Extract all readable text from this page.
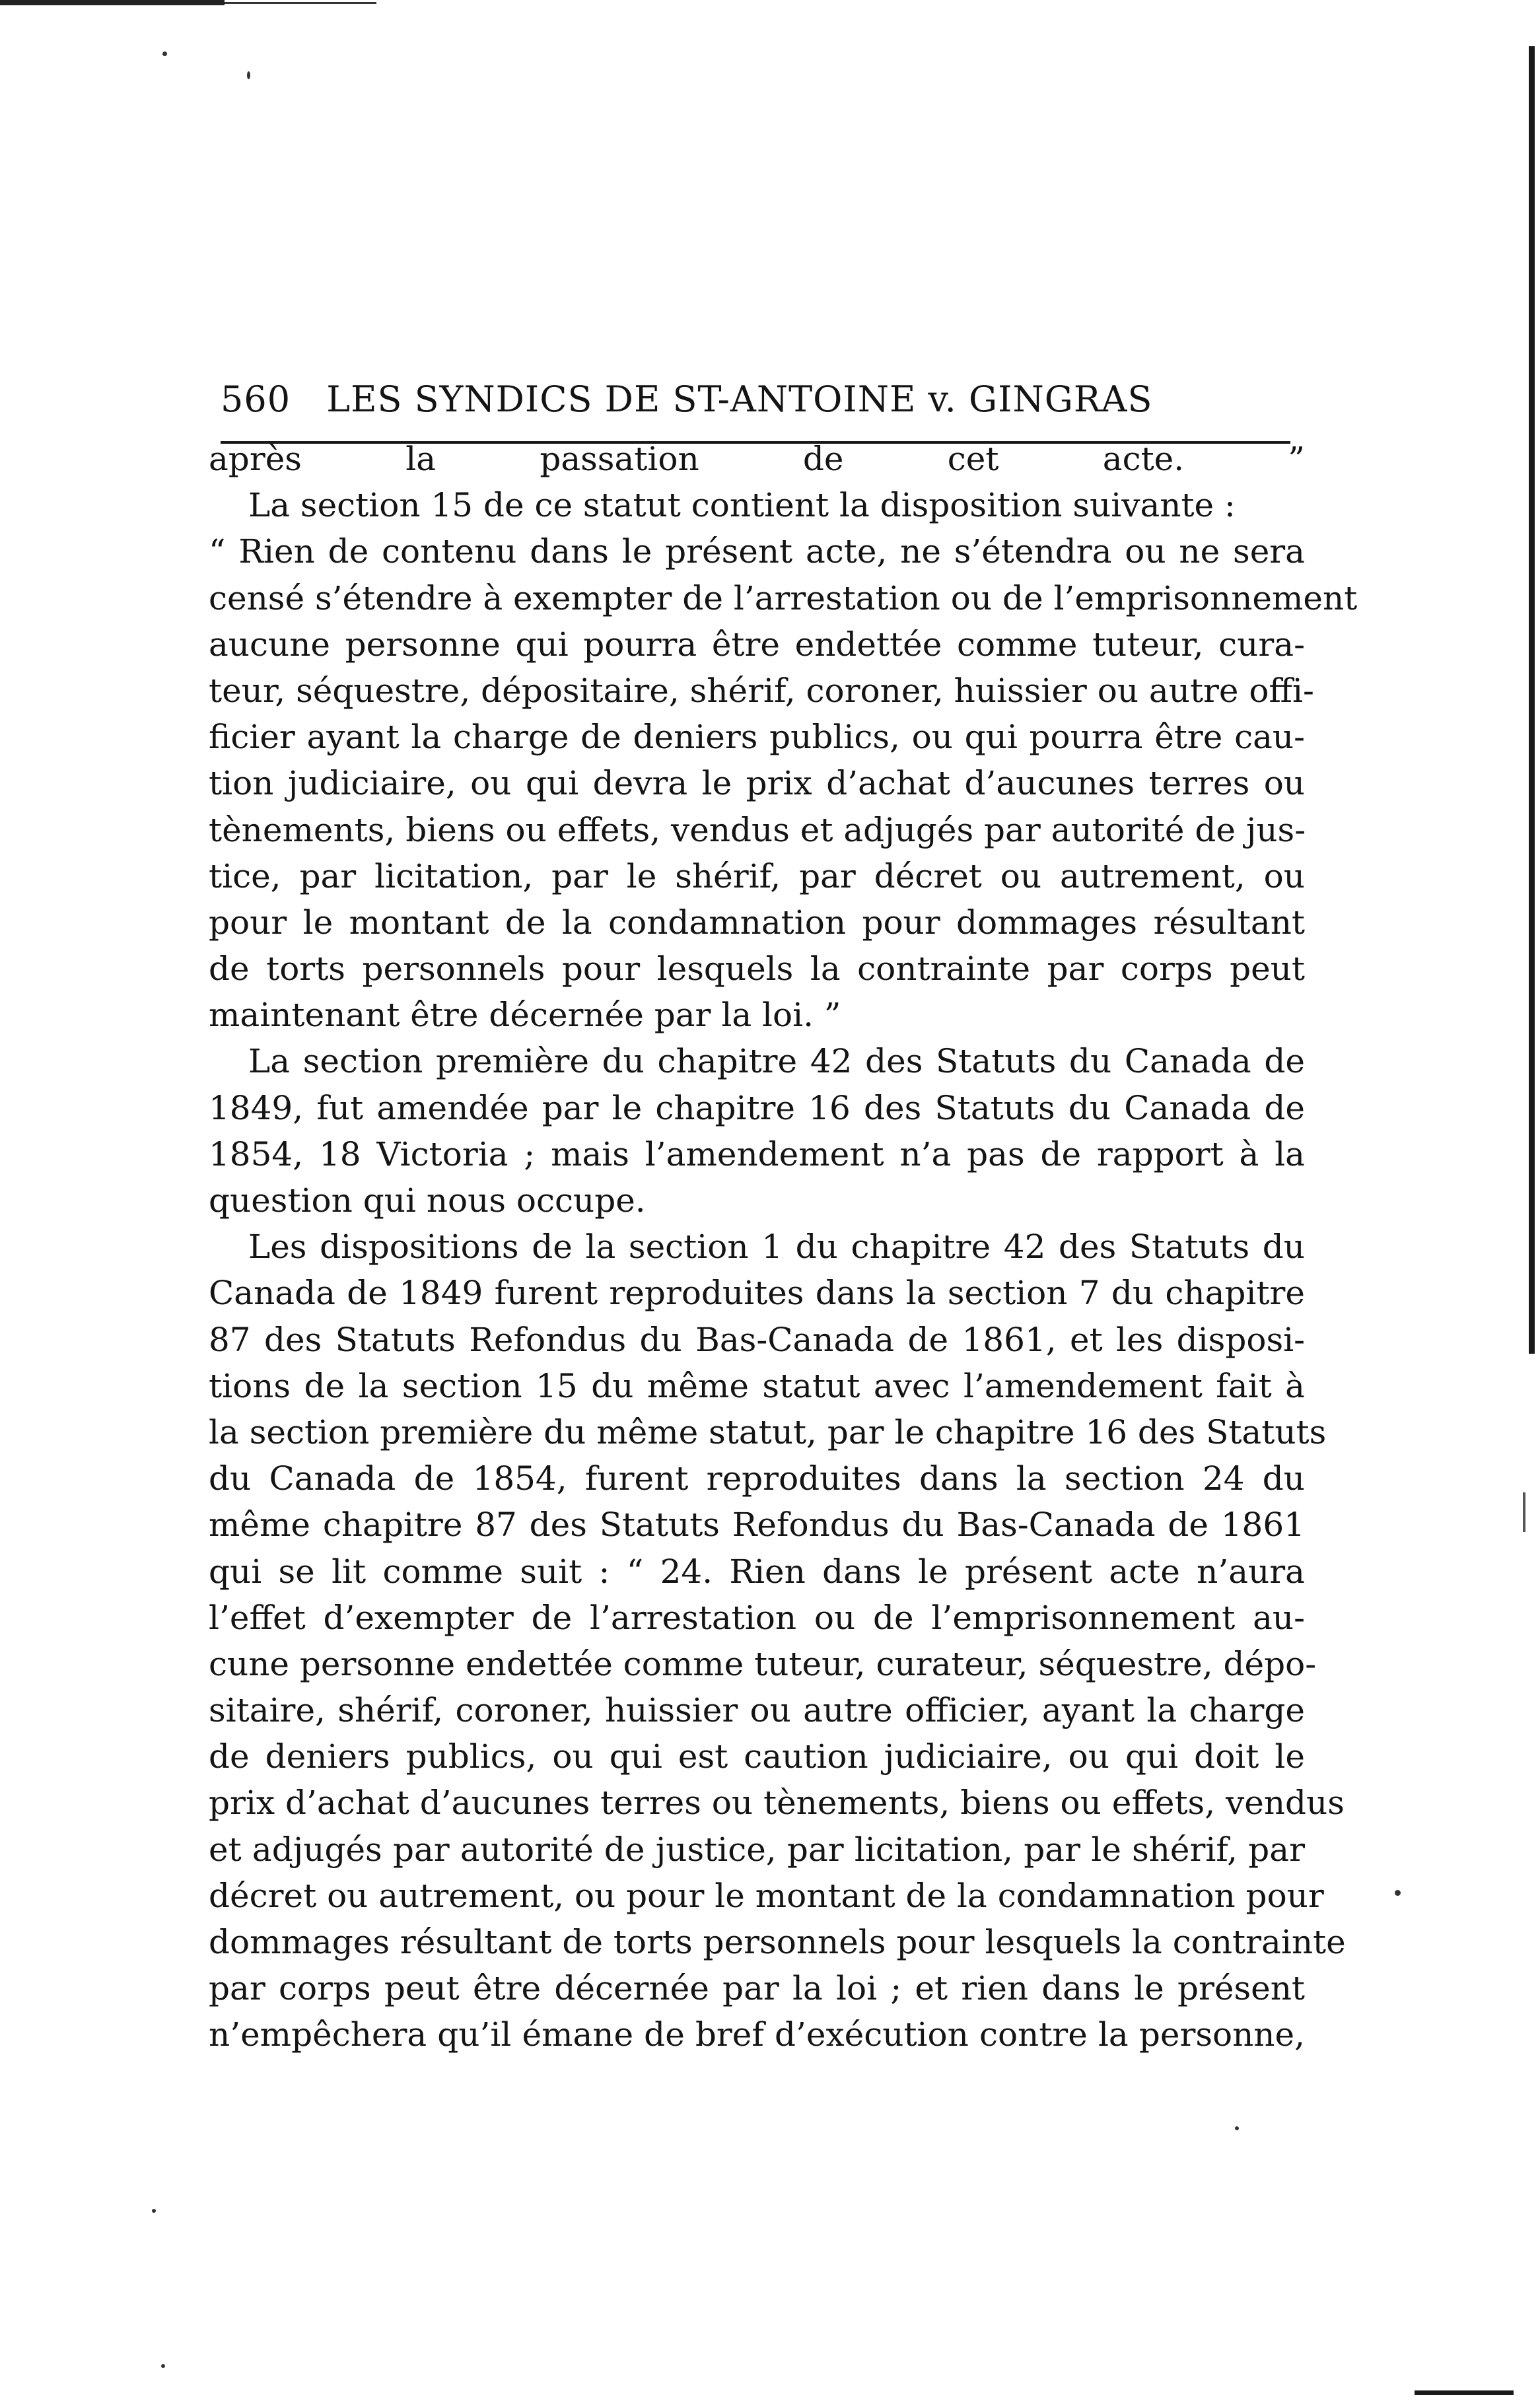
560 LES SYNDICS DE ST-ANTOINE v. GINGRAS
après la passation de cet acte. ”
La section 15 de ce statut contient la disposition suivante :
“ Rien de contenu dans le présent acte, ne s’étendra ou ne sera
censé s’étendre à exempter de l’arrestation ou de l’emprisonnement
aucune personne qui pourra être endettée comme tuteur, cura-
teur, séquestre, dépositaire, shérif, coroner, huissier ou autre offi-
ficier ayant la charge de deniers publics, ou qui pourra être cau-
tion judiciaire, ou qui devra le prix d’achat d’aucunes terres ou
tènements, biens ou effets, vendus et adjugés par autorité de jus-
tice, par licitation, par le shérif, par décret ou autrement, ou
pour le montant de la condamnation pour dommages résultant
de torts personnels pour lesquels la contrainte par corps peut
maintenant être décernée par la loi. ”
La section première du chapitre 42 des Statuts du Canada de
1849, fut amendée par le chapitre 16 des Statuts du Canada de
1854, 18 Victoria ; mais l’amendement n’a pas de rapport à la
question qui nous occupe.
Les dispositions de la section 1 du chapitre 42 des Statuts du
Canada de 1849 furent reproduites dans la section 7 du chapitre
87 des Statuts Refondus du Bas-Canada de 1861, et les disposi-
tions de la section 15 du même statut avec l’amendement fait à
la section première du même statut, par le chapitre 16 des Statuts
du Canada de 1854, furent reproduites dans la section 24 du
même chapitre 87 des Statuts Refondus du Bas-Canada de 1861
qui se lit comme suit : “ 24. Rien dans le présent acte n’aura
l’effet d’exempter de l’arrestation ou de l’emprisonnement au-
cune personne endettée comme tuteur, curateur, séquestre, dépo-
sitaire, shérif, coroner, huissier ou autre officier, ayant la charge
de deniers publics, ou qui est caution judiciaire, ou qui doit le
prix d’achat d’aucunes terres ou tènements, biens ou effets, vendus
et adjugés par autorité de justice, par licitation, par le shérif, par
décret ou autrement, ou pour le montant de la condamnation pour
dommages résultant de torts personnels pour lesquels la contrainte
par corps peut être décernée par la loi ; et rien dans le présent
n’empêchera qu’il émane de bref d’exécution contre la personne,
